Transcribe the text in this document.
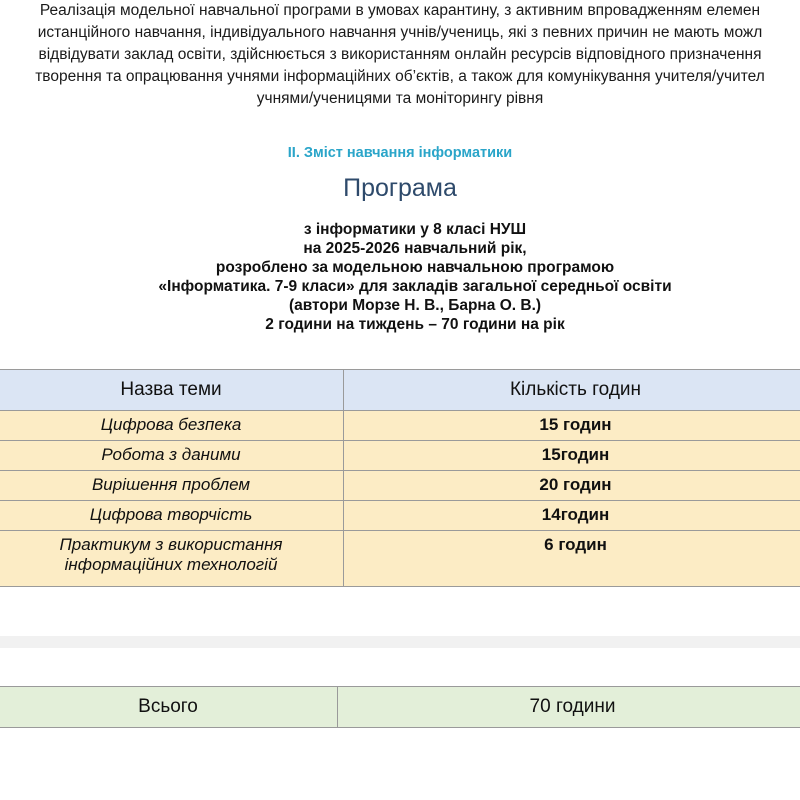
Реалізація модельної навчальної програми в умовах карантину, з активним впровадженням елемен
истанційного навчання, індивідуального навчання учнів/учениць, які з певних причин не мають можл
відвідувати заклад освіти, здійснюється з використанням онлайн ресурсів відповідного призначення
творення та опрацювання учнями інформаційних об’єктів, а також для комунікування учителя/учител
учнями/ученицями та моніторингу рівня
ІІ. Зміст навчання інформатики
Програма
з інформатики у 8 класі НУШ
на 2025-2026 навчальний рік,
розроблено за модельною навчальною програмою
«Інформатика. 7-9 класи» для закладів загальної середньої освіти
(автори Морзе Н. В., Барна О. В.)
2 години на тиждень – 70 години на рік
Назва теми	Кількість годин
Цифрова безпека	15 годин
Робота з даними	15годин
Вирішення проблем	20 годин
Цифрова творчість	14годин
Практикум з використання інформаційних технологій	6 годин
Всього	70 години
